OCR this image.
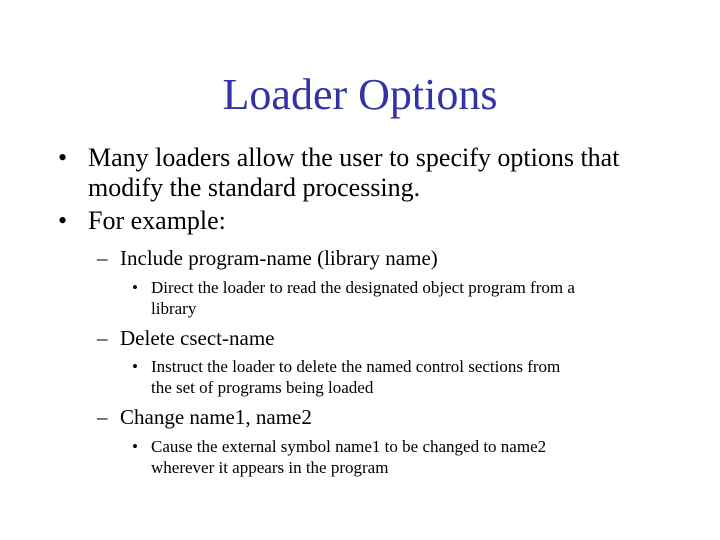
Loader Options
• Many loaders allow the user to specify options that
modify the standard processing.
• For example:
– Include program-name (library name)
• Direct the loader to read the designated object program from a
library
– Delete csect-name
• Instruct the loader to delete the named control sections from
the set of programs being loaded
– Change name1, name2
• Cause the external symbol name1 to be changed to name2
wherever it appears in the program
